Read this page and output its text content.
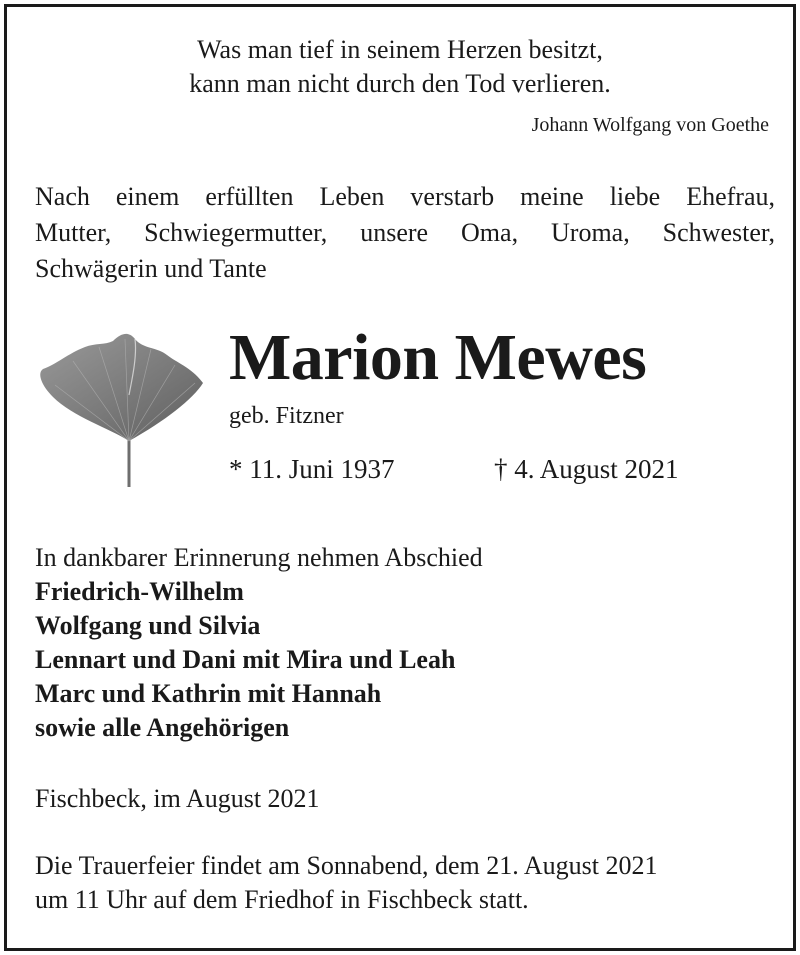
Was man tief in seinem Herzen besitzt,
kann man nicht durch den Tod verlieren.
Johann Wolfgang von Goethe
Nach einem erfüllten Leben verstarb meine liebe Ehefrau,
Mutter, Schwiegermutter, unsere Oma, Uroma, Schwester,
Schwägerin und Tante
Marion Mewes
geb. Fitzner
* 11. Juni 1937	† 4. August 2021
In dankbarer Erinnerung nehmen Abschied
Friedrich-Wilhelm
Wolfgang und Silvia
Lennart und Dani mit Mira und Leah
Marc und Kathrin mit Hannah
sowie alle Angehörigen
Fischbeck, im August 2021
Die Trauerfeier findet am Sonnabend, dem 21. August 2021
um 11 Uhr auf dem Friedhof in Fischbeck statt.
